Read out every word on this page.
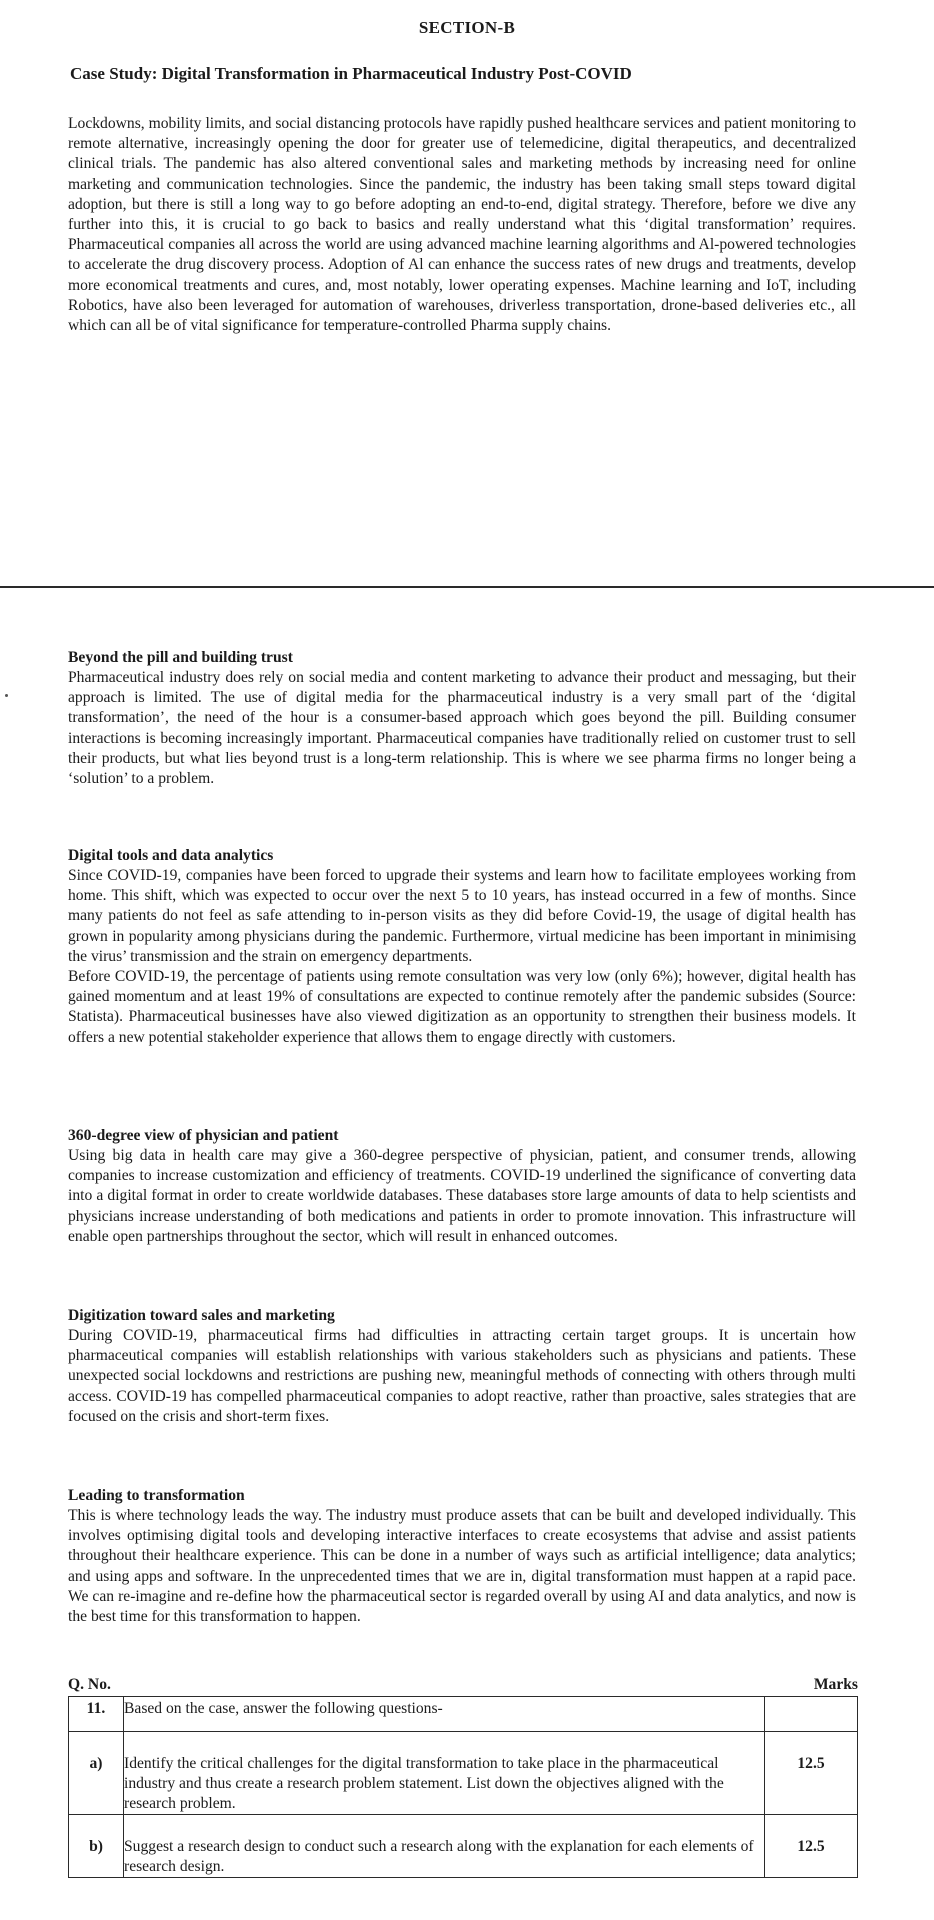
SECTION-B
Case Study: Digital Transformation in Pharmaceutical Industry Post-COVID

Lockdowns, mobility limits, and social distancing protocols have rapidly pushed healthcare services and patient monitoring to remote alternative, increasingly opening the door for greater use of telemedicine, digital therapeutics, and decentralized clinical trials. The pandemic has also altered conventional sales and marketing methods by increasing need for online marketing and communication technologies. Since the pandemic, the industry has been taking small steps toward digital adoption, but there is still a long way to go before adopting an end-to-end, digital strategy. Therefore, before we dive any further into this, it is crucial to go back to basics and really understand what this ‘digital transformation’ requires. Pharmaceutical companies all across the world are using advanced machine learning algorithms and Al-powered technologies to accelerate the drug discovery process. Adoption of Al can enhance the success rates of new drugs and treatments, develop more economical treatments and cures, and, most notably, lower operating expenses. Machine learning and IoT, including Robotics, have also been leveraged for automation of warehouses, driverless transportation, drone-based deliveries etc., all which can all be of vital significance for temperature-controlled Pharma supply chains.

Beyond the pill and building trust

Pharmaceutical industry does rely on social media and content marketing to advance their product and messaging, but their approach is limited. The use of digital media for the pharmaceutical industry is a very small part of the ‘digital transformation’, the need of the hour is a consumer-based approach which goes beyond the pill. Building consumer interactions is becoming increasingly important. Pharmaceutical companies have traditionally relied on customer trust to sell their products, but what lies beyond trust is a long-term relationship. This is where we see pharma firms no longer being a ‘solution’ to a problem.

Digital tools and data analytics

Since COVID-19, companies have been forced to upgrade their systems and learn how to facilitate employees working from home. This shift, which was expected to occur over the next 5 to 10 years, has instead occurred in a few of months. Since many patients do not feel as safe attending to in-person visits as they did before Covid-19, the usage of digital health has grown in popularity among physicians during the pandemic. Furthermore, virtual medicine has been important in minimising the virus’ transmission and the strain on emergency departments.

Before COVID-19, the percentage of patients using remote consultation was very low (only 6%); however, digital health has gained momentum and at least 19% of consultations are expected to continue remotely after the pandemic subsides (Source: Statista). Pharmaceutical businesses have also viewed digitization as an opportunity to strengthen their business models. It offers a new potential stakeholder experience that allows them to engage directly with customers.

360-degree view of physician and patient

Using big data in health care may give a 360-degree perspective of physician, patient, and consumer trends, allowing companies to increase customization and efficiency of treatments. COVID-19 underlined the significance of converting data into a digital format in order to create worldwide databases. These databases store large amounts of data to help scientists and physicians increase understanding of both medications and patients in order to promote innovation. This infrastructure will enable open partnerships throughout the sector, which will result in enhanced outcomes.

Digitization toward sales and marketing

During COVID-19, pharmaceutical firms had difficulties in attracting certain target groups. It is uncertain how pharmaceutical companies will establish relationships with various stakeholders such as physicians and patients. These unexpected social lockdowns and restrictions are pushing new, meaningful methods of connecting with others through multi access. COVID-19 has compelled pharmaceutical companies to adopt reactive, rather than proactive, sales strategies that are focused on the crisis and short-term fixes.

Leading to transformation

This is where technology leads the way. The industry must produce assets that can be built and developed individually. This involves optimising digital tools and developing interactive interfaces to create ecosystems that advise and assist patients throughout their healthcare experience. This can be done in a number of ways such as artificial intelligence; data analytics; and using apps and software. In the unprecedented times that we are in, digital transformation must happen at a rapid pace. We can re-imagine and re-define how the pharmaceutical sector is regarded overall by using AI and data analytics, and now is the best time for this transformation to happen.

Q. No.	Marks
11.	Based on the case, answer the following questions-	

a)	Identify the critical challenges for the digital transformation to take place in the pharmaceutical industry and thus create a research problem statement. List down the objectives aligned with the research problem.	12.5

b)	Suggest a research design to conduct such a research along with the explanation for each elements of research design.	12.5
